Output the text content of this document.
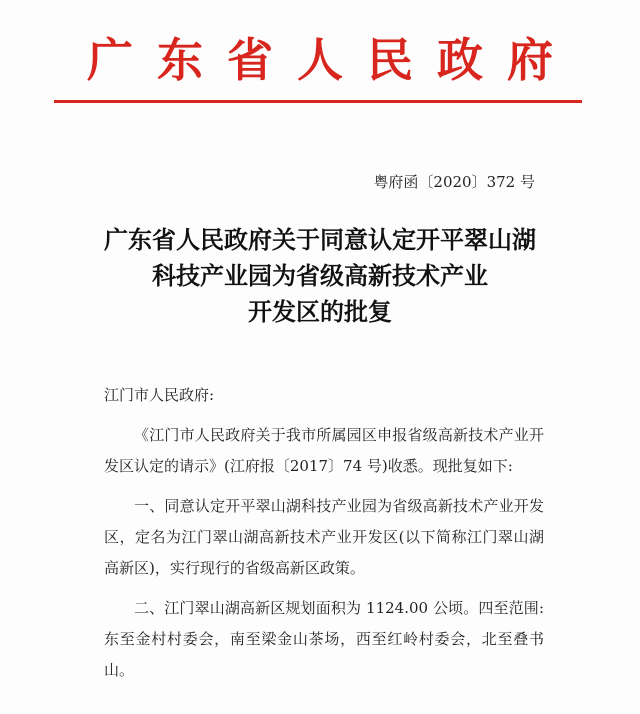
广东省人民政府
粤府函〔2020〕372 号
广东省人民政府关于同意认定开平翠山湖
科技产业园为省级高新技术产业
开发区的批复

江门市人民政府:

《江门市人民政府关于我市所属园区申报省级高新技术产业开发区认定的请示》(江府报〔2017〕74 号)收悉。现批复如下:

一、同意认定开平翠山湖科技产业园为省级高新技术产业开发区，定名为江门翠山湖高新技术产业开发区(以下简称江门翠山湖高新区)，实行现行的省级高新区政策。

二、江门翠山湖高新区规划面积为 1124.00 公顷。四至范围:东至金村村委会，南至梁金山茶场，西至红岭村委会，北至叠书山。
